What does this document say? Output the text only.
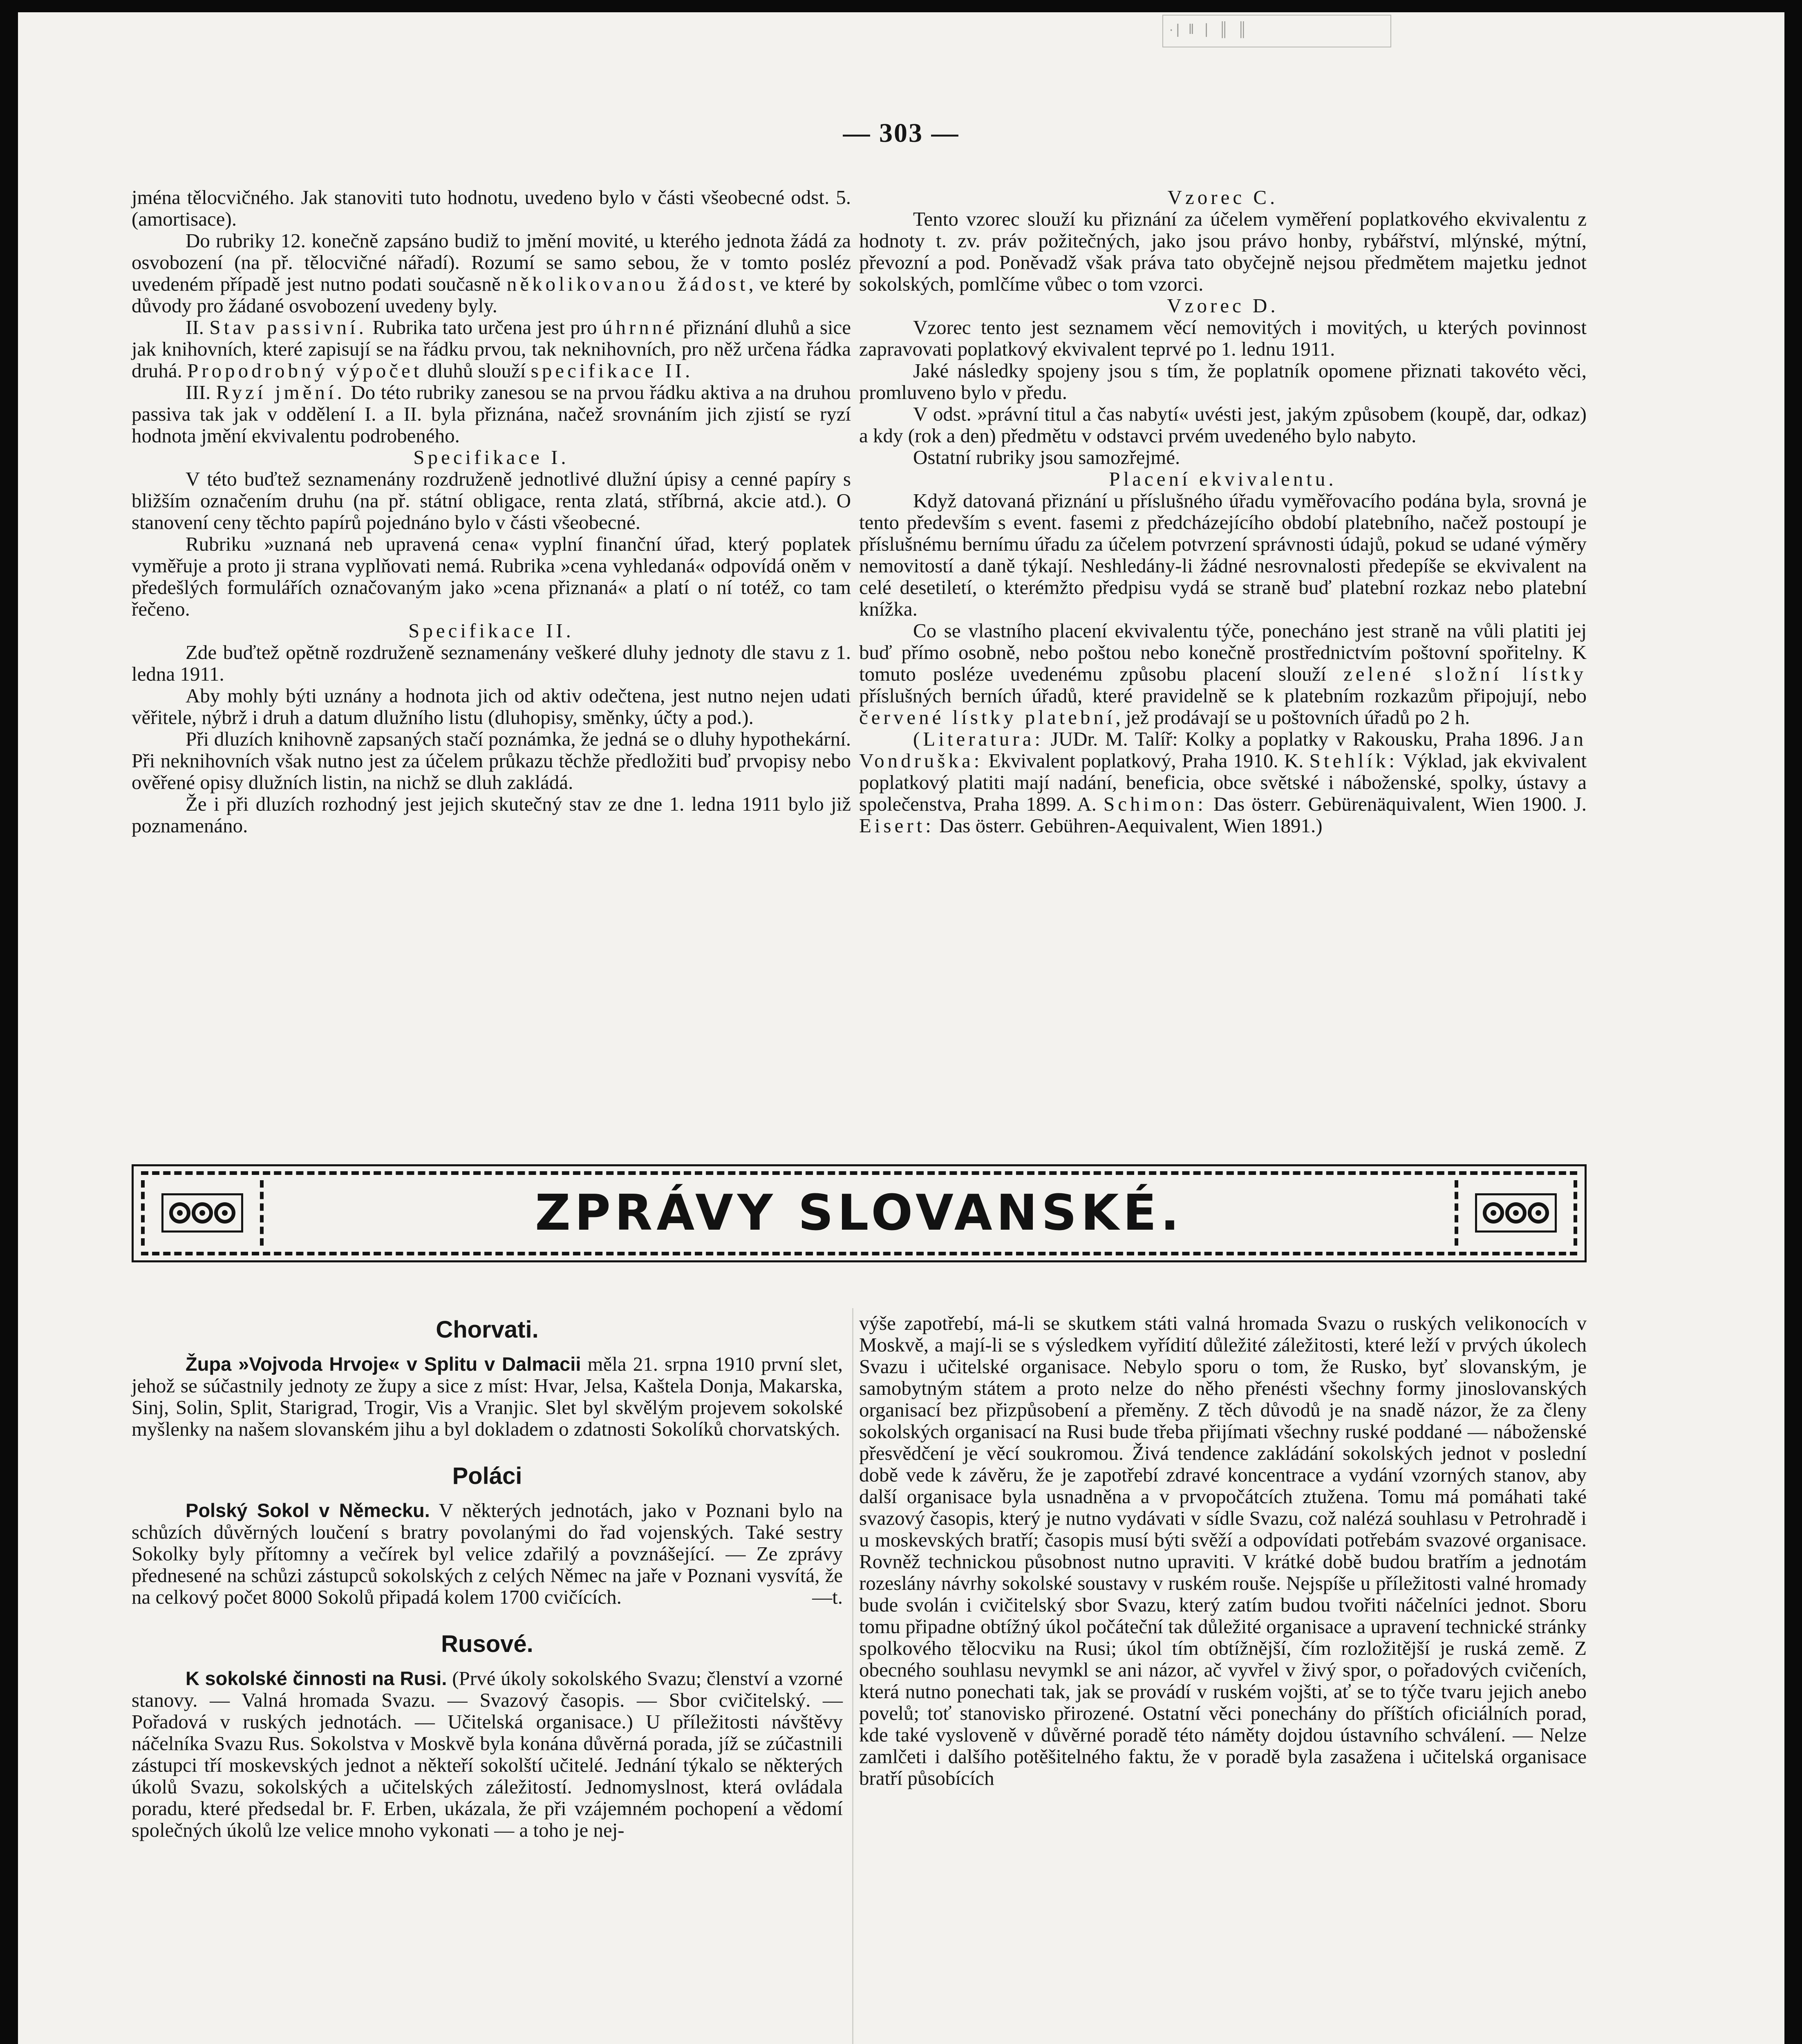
·| ‖ ∣ ║ ║
— 303 —

jména tělocvičného. Jak stanoviti tuto hodnotu, uvedeno bylo v části všeobecné odst. 5. (amortisace).

Do rubriky 12. konečně zapsáno budiž to jmění movité, u kterého jednota žádá za osvobození (na př. tělocvičné nářadí). Rozumí se samo sebou, že v tomto posléz uvedeném případě jest nutno podati současně několikovanou žádost, ve které by důvody pro žádané osvobození uvedeny byly.

II. Stav passivní. Rubrika tato určena jest pro úhrnné přiznání dluhů a sice jak knihovních, které zapisují se na řádku prvou, tak neknihovních, pro něž určena řádka druhá. Propodrobný výpočet dluhů slouží specifikace II.

III. Ryzí jmění. Do této rubriky zanesou se na prvou řádku aktiva a na druhou passiva tak jak v oddělení I. a II. byla přiznána, načež srovnáním jich zjistí se ryzí hodnota jmění ekvivalentu podrobeného.

Specifikace I.

V této buďtež seznamenány rozdruženě jednotlivé dlužní úpisy a cenné papíry s bližším označením druhu (na př. státní obligace, renta zlatá, stříbrná, akcie atd.). O stanovení ceny těchto papírů pojednáno bylo v části všeobecné.

Rubriku »uznaná neb upravená cena« vyplní finanční úřad, který poplatek vyměřuje a proto ji strana vyplňovati nemá. Rubrika »cena vyhledaná« odpovídá oněm v předešlých formulářích označovaným jako »cena přiznaná« a platí o ní totéž, co tam řečeno.

Specifikace II.

Zde buďtež opětně rozdruženě seznamenány veškeré dluhy jednoty dle stavu z 1. ledna 1911.

Aby mohly býti uznány a hodnota jich od aktiv odečtena, jest nutno nejen udati věřitele, nýbrž i druh a datum dlužního listu (dluhopisy, směnky, účty a pod.).

Při dluzích knihovně zapsaných stačí poznámka, že jedná se o dluhy hypothekární. Při neknihovních však nutno jest za účelem průkazu těchže předložiti buď prvopisy nebo ověřené opisy dlužních listin, na nichž se dluh zakládá.

Že i při dluzích rozhodný jest jejich skutečný stav ze dne 1. ledna 1911 bylo již poznamenáno.

Vzorec C.

Tento vzorec slouží ku přiznání za účelem vyměření poplatkového ekvivalentu z hodnoty t. zv. práv požitečných, jako jsou právo honby, rybářství, mlýnské, mýtní, převozní a pod. Poněvadž však práva tato obyčejně nejsou předmětem majetku jednot sokolských, pomlčíme vůbec o tom vzorci.

Vzorec D.

Vzorec tento jest seznamem věcí nemovitých i movitých, u kterých povinnost zapravovati poplatkový ekvivalent teprvé po 1. lednu 1911.

Jaké následky spojeny jsou s tím, že poplatník opomene přiznati takovéto věci, promluveno bylo v předu.

V odst. »právní titul a čas nabytí« uvésti jest, jakým způsobem (koupě, dar, odkaz) a kdy (rok a den) předmětu v odstavci prvém uvedeného bylo nabyto.

Ostatní rubriky jsou samozřejmé.

Placení ekvivalentu.

Když datovaná přiznání u příslušného úřadu vyměřovacího podána byla, srovná je tento především s event. fasemi z předcházejícího období platebního, načež postoupí je příslušnému bernímu úřadu za účelem potvrzení správnosti údajů, pokud se udané výměry nemovitostí a daně týkají. Neshledány-li žádné nesrovnalosti předepíše se ekvivalent na celé desetiletí, o kterémžto předpisu vydá se straně buď platební rozkaz nebo platební knížka.

Co se vlastního placení ekvivalentu týče, ponecháno jest straně na vůli platiti jej buď přímo osobně, nebo poštou nebo konečně prostřednictvím poštovní spořitelny. K tomuto posléze uvedenému způsobu placení slouží zelené složní lístky příslušných berních úřadů, které pravidelně se k platebním rozkazům připojují, nebo červené lístky platební, jež prodávají se u poštovních úřadů po 2 h.

(Literatura: JUDr. M. Talíř: Kolky a poplatky v Rakousku, Praha 1896. Jan Vondruška: Ekvivalent poplatkový, Praha 1910. K. Stehlík: Výklad, jak ekvivalent poplatkový platiti mají nadání, beneficia, obce světské i náboženské, spolky, ústavy a společenstva, Praha 1899. A. Schimon: Das österr. Gebürenäquivalent, Wien 1900. J. Eisert: Das österr. Gebühren-Aequivalent, Wien 1891.)

ZPRÁVY SLOVANSKÉ.
Chorvati.

Župa »Vojvoda Hrvoje« v Splitu v Dalmacii měla 21. srpna 1910 první slet, jehož se súčastnily jednoty ze župy a sice z míst: Hvar, Jelsa, Kaštela Donja, Makarska, Sinj, Solin, Split, Starigrad, Trogir, Vis a Vranjic. Slet byl skvělým projevem sokolské myšlenky na našem slovanském jihu a byl dokladem o zdatnosti Sokolíků chorvatských.

Poláci

Polský Sokol v Německu. V některých jednotách, jako v Poznani bylo na schůzích důvěrných loučení s bratry povolanými do řad vojenských. Také sestry Sokolky byly přítomny a večírek byl velice zdařilý a povznášející. — Ze zprávy přednesené na schůzi zástupců sokolských z celých Němec na jaře v Poznani vysvítá, že na celkový počet 8000 Sokolů připadá kolem 1700 cvičících.	—t.

Rusové.

K sokolské činnosti na Rusi. (Prvé úkoly sokolského Svazu; členství a vzorné stanovy. — Valná hromada Svazu. — Svazový časopis. — Sbor cvičitelský. — Pořadová v ruských jednotách. — Učitelská organisace.) U příležitosti návštěvy náčelníka Svazu Rus. Sokolstva v Moskvě byla konána důvěrná porada, jíž se zúčastnili zástupci tří moskevských jednot a někteří sokolští učitelé. Jednání týkalo se některých úkolů Svazu, sokolských a učitelských záležitostí. Jednomyslnost, která ovládala poradu, které předsedal br. F. Erben, ukázala, že při vzájemném pochopení a vědomí společných úkolů lze velice mnoho vykonati — a toho je nej-

výše zapotřebí, má-li se skutkem státi valná hromada Svazu o ruských velikonocích v Moskvě, a mají-li se s výsledkem vyřídití důležité záležitosti, které leží v prvých úkolech Svazu i učitelské organisace. Nebylo sporu o tom, že Rusko, byť slovanským, je samobytným státem a proto nelze do něho přenésti všechny formy jinoslovanských organisací bez přizpůsobení a přeměny. Z těch důvodů je na snadě názor, že za členy sokolských organisací na Rusi bude třeba přijímati všechny ruské poddané — náboženské přesvědčení je věcí soukromou. Živá tendence zakládání sokolských jednot v poslední době vede k závěru, že je zapotřebí zdravé koncentrace a vydání vzorných stanov, aby další organisace byla usnadněna a v prvopočátcích ztužena. Tomu má pomáhati také svazový časopis, který je nutno vydávati v sídle Svazu, což nalézá souhlasu v Petrohradě i u moskevských bratří; časopis musí býti svěží a odpovídati potřebám svazové organisace. Rovněž technickou působnost nutno upraviti. V krátké době budou bratřím a jednotám rozeslány návrhy sokolské soustavy v ruském rouše. Nejspíše u příležitosti valné hromady bude svolán i cvičitelský sbor Svazu, který zatím budou tvořiti náčelníci jednot. Sboru tomu připadne obtížný úkol počáteční tak důležité organisace a upravení technické stránky spolkového tělocviku na Rusi; úkol tím obtížnější, čím rozložitější je ruská země. Z obecného souhlasu nevymkl se ani názor, ač vyvřel v živý spor, o pořadových cvičeních, která nutno ponechati tak, jak se provádí v ruském vojšti, ať se to týče tvaru jejich anebo povelů; toť stanovisko přirozené. Ostatní věci ponechány do příštích oficiálních porad, kde také vysloveně v důvěrné poradě této náměty dojdou ústavního schválení. — Nelze zamlčeti i dalšího potěšitelného faktu, že v poradě byla zasažena i učitelská organisace bratří působících
